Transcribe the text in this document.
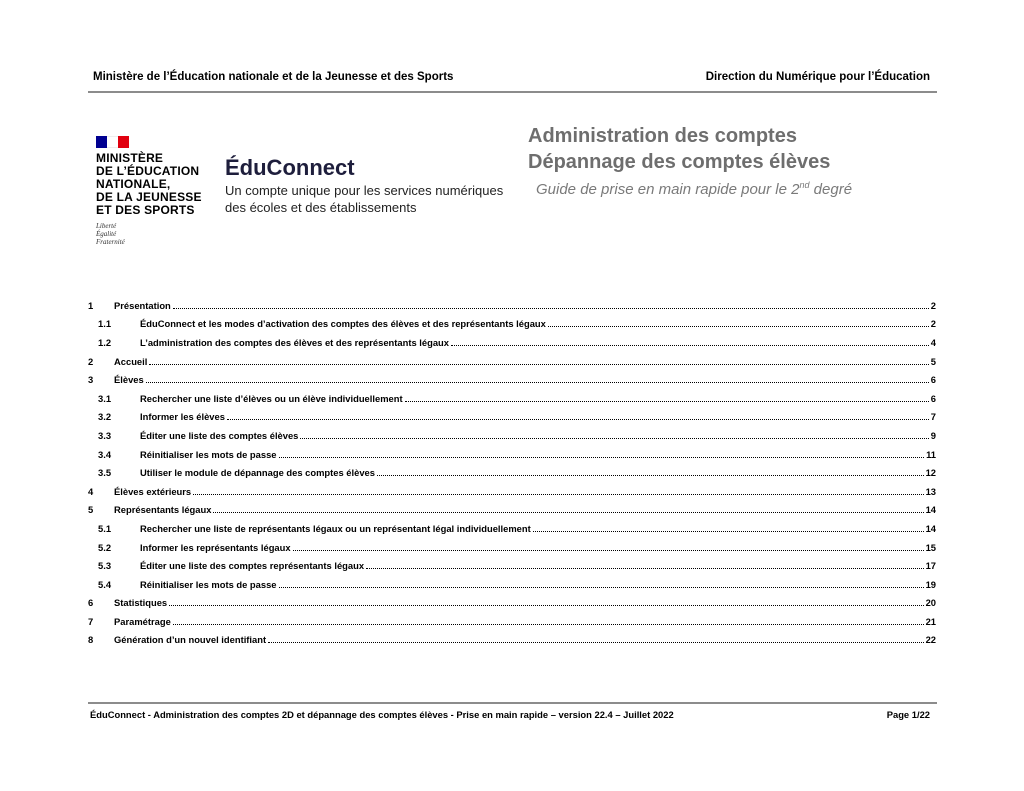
Ministère de l’Éducation nationale et de la Jeunesse et des Sports	Direction du Numérique pour l’Éducation
MINISTÈRE
DE L’ÉDUCATION
NATIONALE,
DE LA JEUNESSE
ET DES SPORTS
Liberté
Égalité
Fraternité
ÉduConnect
Un compte unique pour les services numériques
des écoles et des établissements
Administration des comptes
Dépannage des comptes élèves
Guide de prise en main rapide pour le 2nd degré
1 Présentation	2
1.1	ÉduConnect et les modes d’activation des comptes des élèves et des représentants légaux	2
1.2	L’administration des comptes des élèves et des représentants légaux	4
2 Accueil	5
3 Élèves	6
3.1	Rechercher une liste d’élèves ou un élève individuellement	6
3.2	Informer les élèves	7
3.3	Éditer une liste des comptes élèves	9
3.4	Réinitialiser les mots de passe	11
3.5	Utiliser le module de dépannage des comptes élèves	12
4 Élèves extérieurs	13
5 Représentants légaux	14
5.1	Rechercher une liste de représentants légaux ou un représentant légal individuellement	14
5.2	Informer les représentants légaux	15
5.3	Éditer une liste des comptes représentants légaux	17
5.4	Réinitialiser les mots de passe	19
6 Statistiques	20
7 Paramétrage	21
8 Génération d’un nouvel identifiant	22
ÉduConnect - Administration des comptes 2D et dépannage des comptes élèves - Prise en main rapide – version 22.4 – Juillet 2022	Page 1/22
